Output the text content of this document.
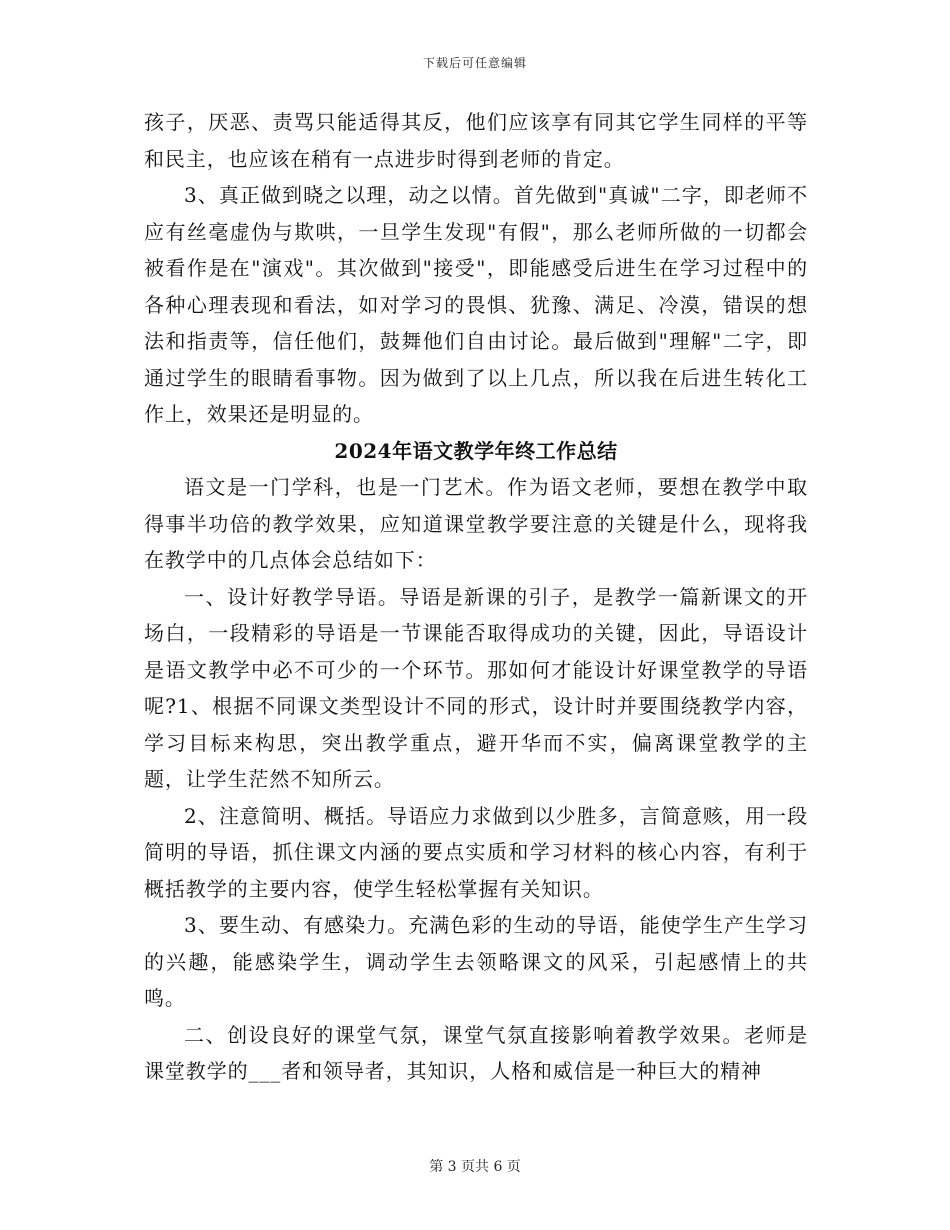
下载后可任意编辑

孩子，厌恶、责骂只能适得其反，他们应该享有同其它学生同样的平等和民主，也应该在稍有一点进步时得到老师的肯定。

3、真正做到晓之以理，动之以情。首先做到"真诚"二字，即老师不应有丝毫虚伪与欺哄，一旦学生发现"有假"，那么老师所做的一切都会被看作是在"演戏"。其次做到"接受"，即能感受后进生在学习过程中的各种心理表现和看法，如对学习的畏惧、犹豫、满足、冷漠，错误的想法和指责等，信任他们，鼓舞他们自由讨论。最后做到"理解"二字，即通过学生的眼睛看事物。因为做到了以上几点，所以我在后进生转化工作上，效果还是明显的。

2024年语文教学年终工作总结

语文是一门学科，也是一门艺术。作为语文老师，要想在教学中取得事半功倍的教学效果，应知道课堂教学要注意的关键是什么，现将我在教学中的几点体会总结如下：

一、设计好教学导语。导语是新课的引子，是教学一篇新课文的开场白，一段精彩的导语是一节课能否取得成功的关键，因此，导语设计是语文教学中必不可少的一个环节。那如何才能设计好课堂教学的导语呢?1、根据不同课文类型设计不同的形式，设计时并要围绕教学内容，学习目标来构思，突出教学重点，避开华而不实，偏离课堂教学的主题，让学生茫然不知所云。

2、注意简明、概括。导语应力求做到以少胜多，言简意赅，用一段简明的导语，抓住课文内涵的要点实质和学习材料的核心内容，有利于概括教学的主要内容，使学生轻松掌握有关知识。

3、要生动、有感染力。充满色彩的生动的导语，能使学生产生学习的兴趣，能感染学生，调动学生去领略课文的风采，引起感情上的共鸣。

二、创设良好的课堂气氛，课堂气氛直接影响着教学效果。老师是课堂教学的___者和领导者，其知识，人格和威信是一种巨大的精神

第 3 页共 6 页
